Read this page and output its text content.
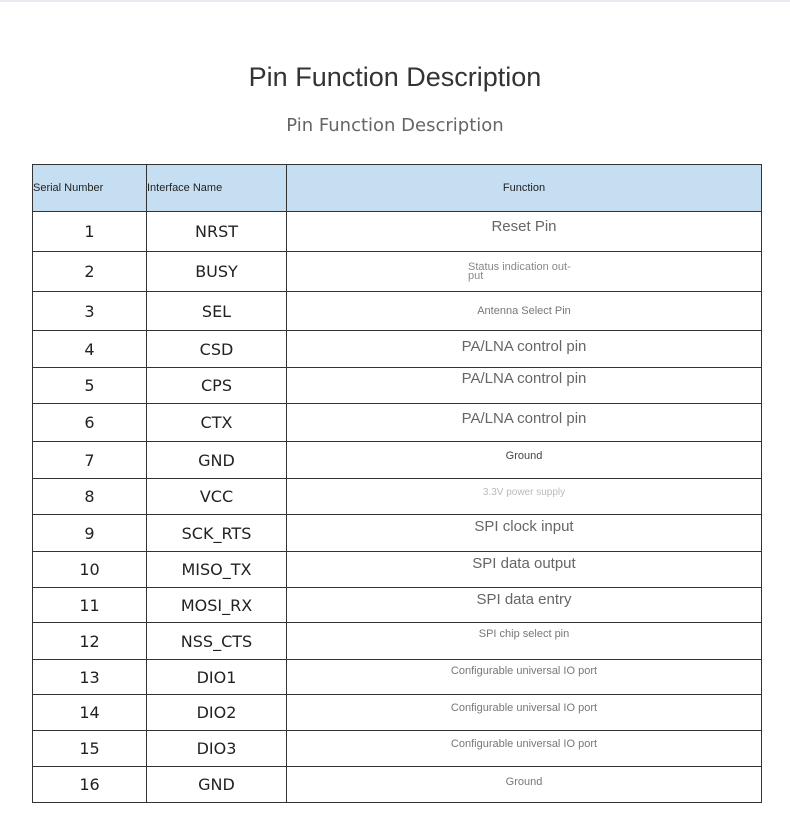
Pin Function Description
Pin Function Description
Serial Number	Interface Name	Function
1	NRST	Reset Pin

2	BUSY	Status indication out- put

3	SEL	Antenna Select Pin

4	CSD	PA/LNA control pin

5	CPS	PA/LNA control pin

6	CTX	PA/LNA control pin

7	GND	Ground

8	VCC	3.3V power supply

9	SCK_RTS	SPI clock input

10	MISO_TX	SPI data output

11	MOSI_RX	SPI data entry

12	NSS_CTS	SPI chip select pin

13	DIO1	Configurable universal IO port

14	DIO2	Configurable universal IO port

15	DIO3	Configurable universal IO port

16	GND	Ground
